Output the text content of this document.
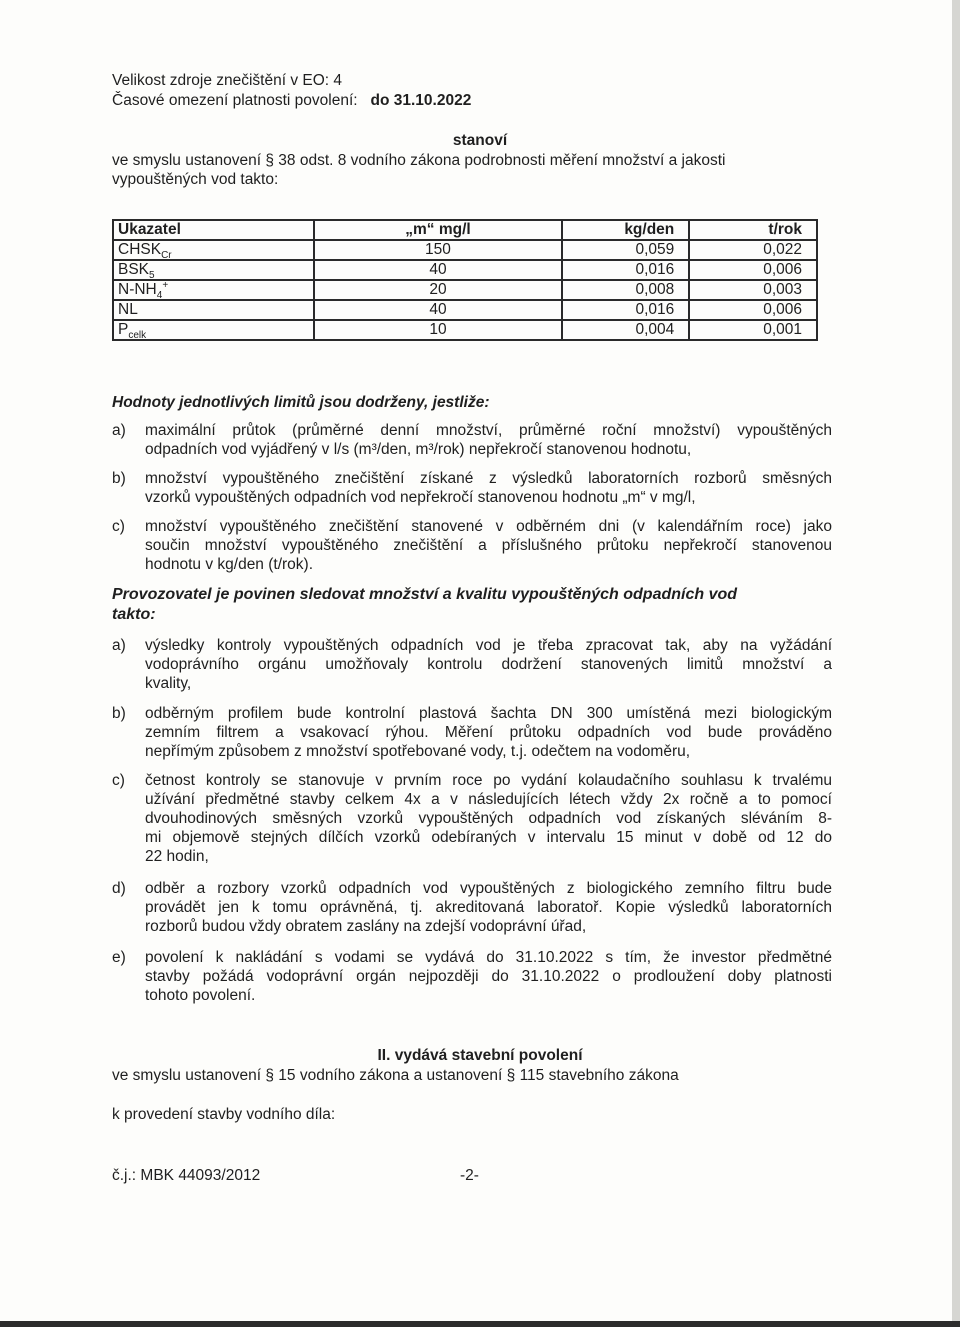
Velikost zdroje znečištění v EO: 4
Časové omezení platnosti povolení: do 31.10.2022
stanoví
ve smyslu ustanovení § 38 odst. 8 vodního zákona podrobnosti měření množství a jakosti
vypouštěných vod takto:
Ukazatel	„m“ mg/l	kg/den	t/rok
$CHSK_{Cr}$	150	0,059	0,022
$BSK_5$	40	0,016	0,006
$N-NH_4^+$	20	0,008	0,003
NL	40	0,016	0,006
$P_{celk}$	10	0,004	0,001
Hodnoty jednotlivých limitů jsou dodrženy, jestliže:
a) maximální průtok (průměrné denní množství, průměrné roční množství) vypouštěných
odpadních vod vyjádřený v l/s (m³/den, m³/rok) nepřekročí stanovenou hodnotu,
b) množství vypouštěného znečištění získané z výsledků laboratorních rozborů směsných
vzorků vypouštěných odpadních vod nepřekročí stanovenou hodnotu „m“ v mg/l,
c) množství vypouštěného znečištění stanovené v odběrném dni (v kalendářním roce) jako
součin množství vypouštěného znečištění a příslušného průtoku nepřekročí stanovenou
hodnotu v kg/den (t/rok).
Provozovatel je povinen sledovat množství a kvalitu vypouštěných odpadních vod
takto:
a) výsledky kontroly vypouštěných odpadních vod je třeba zpracovat tak, aby na vyžádání
vodoprávního orgánu umožňovaly kontrolu dodržení stanovených limitů množství a
kvality,
b) odběrným profilem bude kontrolní plastová šachta DN 300 umístěná mezi biologickým
zemním filtrem a vsakovací rýhou. Měření průtoku odpadních vod bude prováděno
nepřímým způsobem z množství spotřebované vody, t.j. odečtem na vodoměru,
c) četnost kontroly se stanovuje v prvním roce po vydání kolaudačního souhlasu k trvalému
užívání předmětné stavby celkem 4x a v následujících létech vždy 2x ročně a to pomocí
dvouhodinových směsných vzorků vypouštěných odpadních vod získaných sléváním 8-
mi objemově stejných dílčích vzorků odebíraných v intervalu 15 minut v době od 12 do
22 hodin,
d) odběr a rozbory vzorků odpadních vod vypouštěných z biologického zemního filtru bude
provádět jen k tomu oprávněná, tj. akreditovaná laboratoř. Kopie výsledků laboratorních
rozborů budou vždy obratem zaslány na zdejší vodoprávní úřad,
e) povolení k nakládání s vodami se vydává do 31.10.2022 s tím, že investor předmětné
stavby požádá vodoprávní orgán nejpozději do 31.10.2022 o prodloužení doby platnosti
tohoto povolení.
II. vydává stavební povolení
ve smyslu ustanovení § 15 vodního zákona a ustanovení § 115 stavebního zákona
k provedení stavby vodního díla:
č.j.: MBK 44093/2012	-2-
